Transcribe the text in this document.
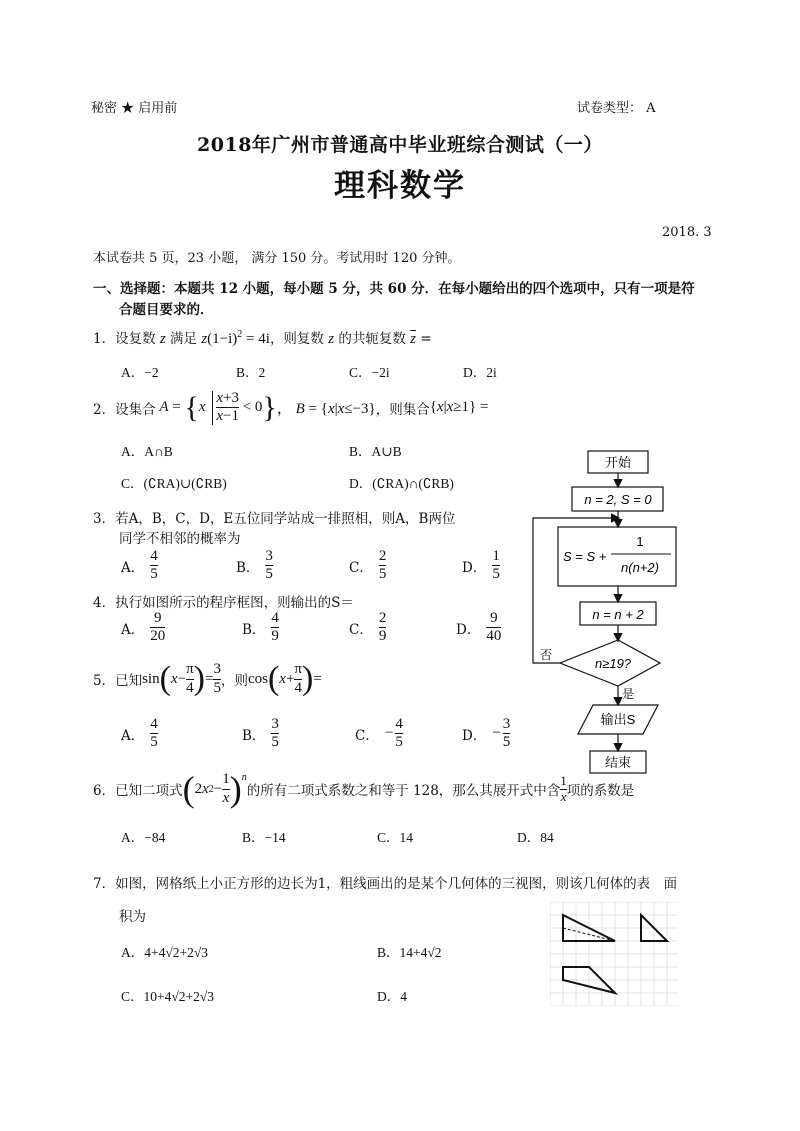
秘密 ★ 启用前	试卷类型： A
2018年广州市普通高中毕业班综合测试（一）
理科数学
2018. 3
本试卷共 5 页，23 小题， 满分 150 分。考试用时 120 分钟。
一、选择题：本题共 12 小题，每小题 5 分，共 60 分．在每小题给出的四个选项中，只有一项是符
合题目要求的．
1．设复数 z 满足 $z(1-i)^2 = 4i$，则复数 z 的共轭复数 $\overline{z}$ =
A．−2	B．2	C．−2i	D．2i
2． 设集合
A = { x
$\frac{x+3}{x-1} < 0$ } ， B = {x|x≤−3} ，则集合 {x|x≥1} =
A．A∩B	B．A∪B
C．(∁RA)∪(∁RB)	D．(∁RA)∩(∁RB)
3．若A，B，C，D，E五位同学站成一排照相，则A，B两位
同学不相邻的概率为
A． $\frac{4}{5}$	B． $\frac{3}{5}$	C． $\frac{2}{5}$	D． $\frac{1}{5}$
4．执行如图所示的程序框图，则输出的S＝
A． $\frac{9}{20}$	B． $\frac{4}{9}$	C． $\frac{2}{9}$	D． $\frac{9}{40}$
5． 已知 sin ( $x - \frac{\pi}{4}$ ) = $\frac{3}{5}$ ，则 cos ( $x + \frac{\pi}{4}$ ) =
A． $\frac{4}{5}$	B． $\frac{3}{5}$	C． − $\frac{4}{5}$	D． − $\frac{3}{5}$
6． 已知二项式 ( 2 x $2 - \frac{1}{x}$ ) $^n$
的所有二项式系数之和等于 128，那么其展开式中含 $\frac{1}{x}$ 项的系数是
A．−84	B．−14	C．14	D．84
7．如图，网格纸上小正方形的边长为1，粗线画出的是某个几何体的三视图，则该几何体的表　面
积为
A．4+4√2+2√3	B．14+4√2
C．10+4√2+2√3	D．4
开始
n = 2, S = 0
S = S +
1
n(n+2)
n = n + 2
n≥19?
否
是
输出S
结束
